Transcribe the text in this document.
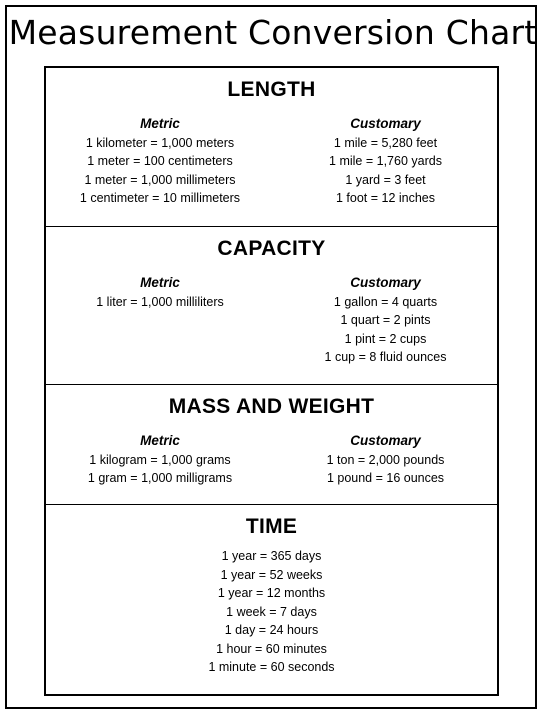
Measurement Conversion Chart
LENGTH
Metric
1 kilometer = 1,000 meters
1 meter = 100 centimeters
1 meter = 1,000 millimeters
1 centimeter = 10 millimeters
Customary
1 mile = 5,280 feet
1 mile = 1,760 yards
1 yard = 3 feet
1 foot = 12 inches
CAPACITY
Metric
1 liter = 1,000 milliliters
Customary
1 gallon = 4 quarts
1 quart = 2 pints
1 pint = 2 cups
1 cup = 8 fluid ounces
MASS AND WEIGHT
Metric
1 kilogram = 1,000 grams
1 gram = 1,000 milligrams
Customary
1 ton = 2,000 pounds
1 pound = 16 ounces
TIME
1 year = 365 days
1 year = 52 weeks
1 year = 12 months
1 week = 7 days
1 day = 24 hours
1 hour = 60 minutes
1 minute = 60 seconds
